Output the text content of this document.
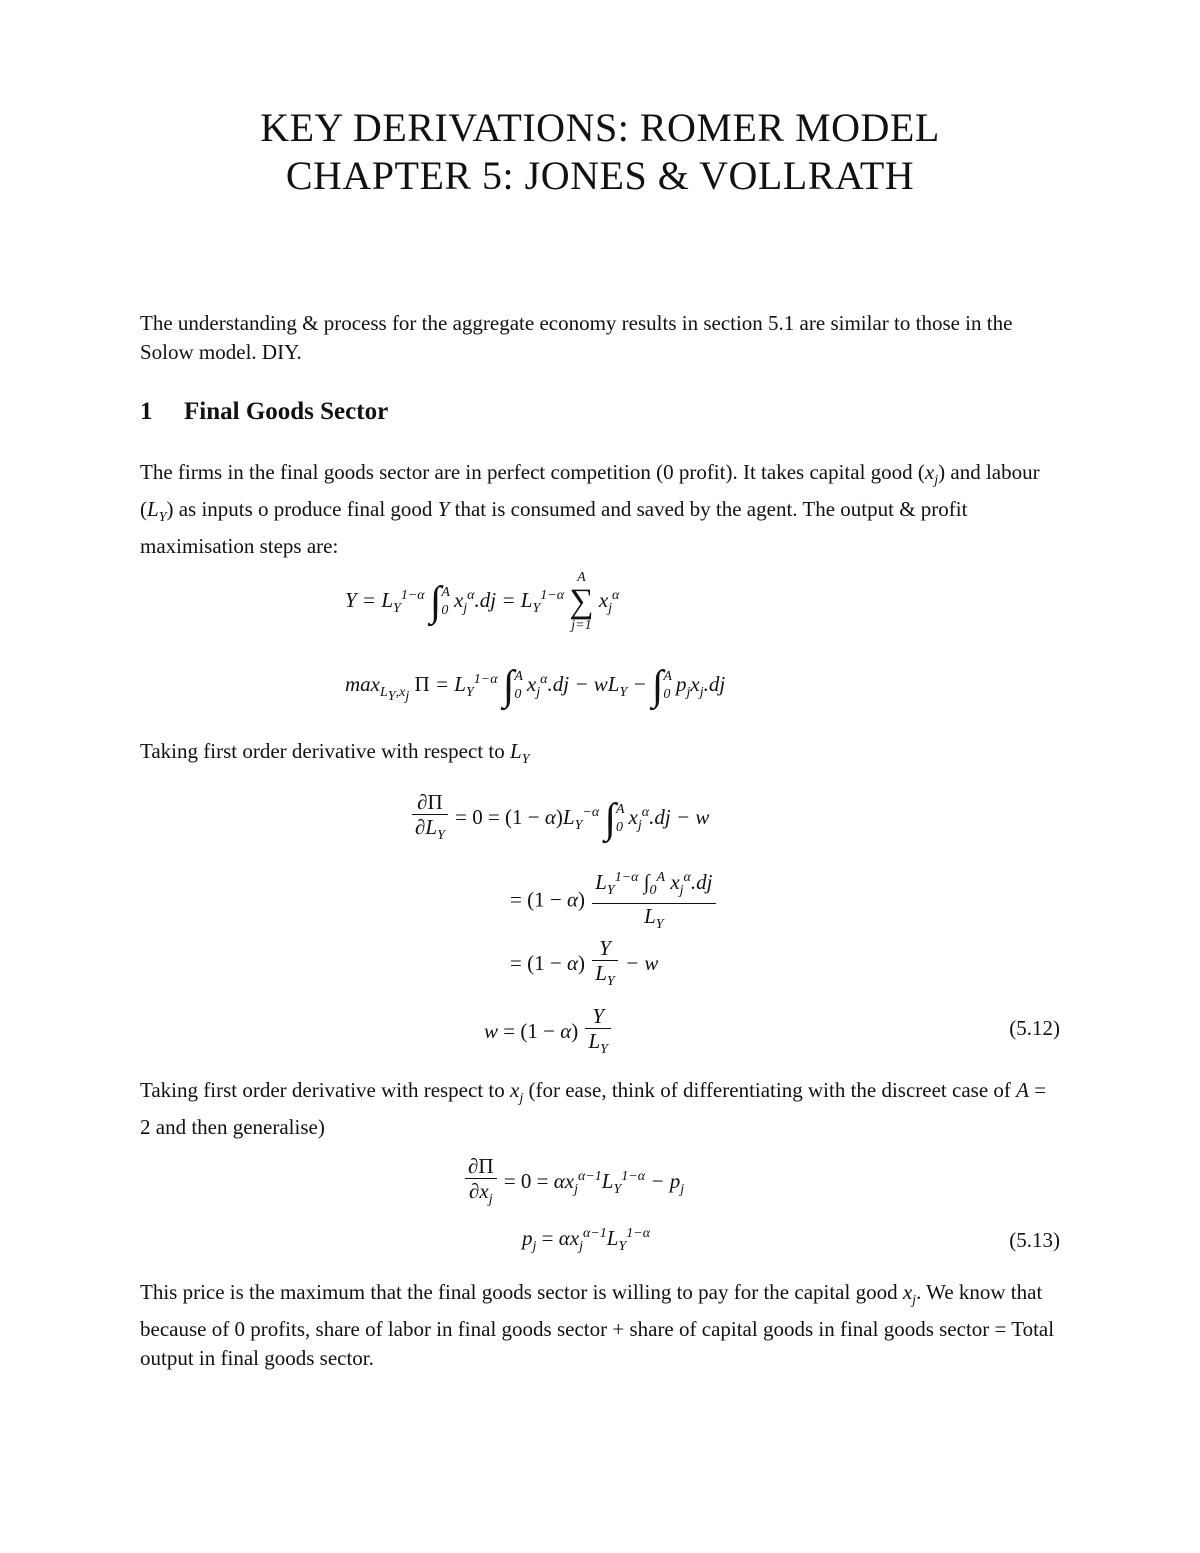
KEY DERIVATIONS: ROMER MODEL
CHAPTER 5: JONES & VOLLRATH
The understanding & process for the aggregate economy results in section 5.1 are similar to those in the Solow model. DIY.
1 Final Goods Sector
The firms in the final goods sector are in perfect competition (0 profit). It takes capital good $(x_j)$ and labour $(L_Y)$ as inputs o produce final good Y that is consumed and saved by the agent. The output & profit maximisation steps are:
$Y = L_Y^{1-\alpha}$ ∫ A
0 $x_j^\alpha.dj = L_Y^{1-\alpha}$
A
∑
j=1
$x_j^\alpha$
$\max_{L_Y,x_j} \Pi = L_Y^{1-\alpha}$ ∫ A
0 $x_j^\alpha.dj - wL_Y$ − ∫ A
0 $p_jx_j.dj$
Taking first order derivative with respect to $L_Y$
$\frac{\partial\Pi}{\partial L_Y} = 0 = (1 - \alpha)L_Y^{-\alpha}$ ∫ A
0 $x_j^\alpha.dj - w$
= $(1 - \alpha) \frac{L_Y^{1-\alpha} \int_0^A x_j^\alpha.dj}{L_Y}$
= $(1 - \alpha) \frac{Y}{L_Y} - w$
$w = (1 - \alpha) \frac{Y}{L_Y}$	(5.12)
Taking first order derivative with respect to $x_j$ (for ease, think of differentiating with the discreet case of A = 2 and then generalise)
$\frac{\partial\Pi}{\partial x_j} = 0 = \alpha x_j^{\alpha-1}L_Y^{1-\alpha} - p_j$
$p_j = \alpha x_j^{\alpha-1}L_Y^{1-\alpha}$	(5.13)
This price is the maximum that the final goods sector is willing to pay for the capital good $x_j$. We know that because of 0 profits, share of labor in final goods sector + share of capital goods in final goods sector = Total output in final goods sector.
